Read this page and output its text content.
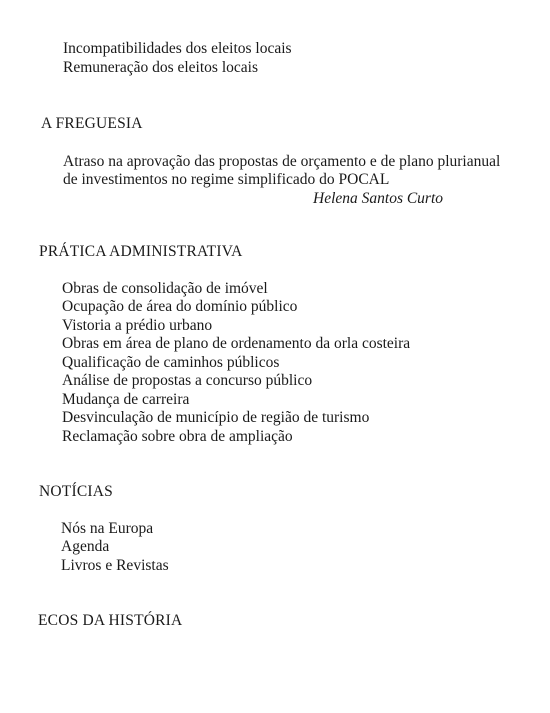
Incompatibilidades dos eleitos locais
Remuneração dos eleitos locais
A FREGUESIA
Atraso na aprovação das propostas de orçamento e de plano plurianual
de investimentos no regime simplificado do POCAL
Helena Santos Curto
PRÁTICA ADMINISTRATIVA
Obras de consolidação de imóvel
Ocupação de área do domínio público
Vistoria a prédio urbano
Obras em área de plano de ordenamento da orla costeira
Qualificação de caminhos públicos
Análise de propostas a concurso público
Mudança de carreira
Desvinculação de município de região de turismo
Reclamação sobre obra de ampliação
NOTÍCIAS
Nós na Europa
Agenda
Livros e Revistas
ECOS DA HISTÓRIA
